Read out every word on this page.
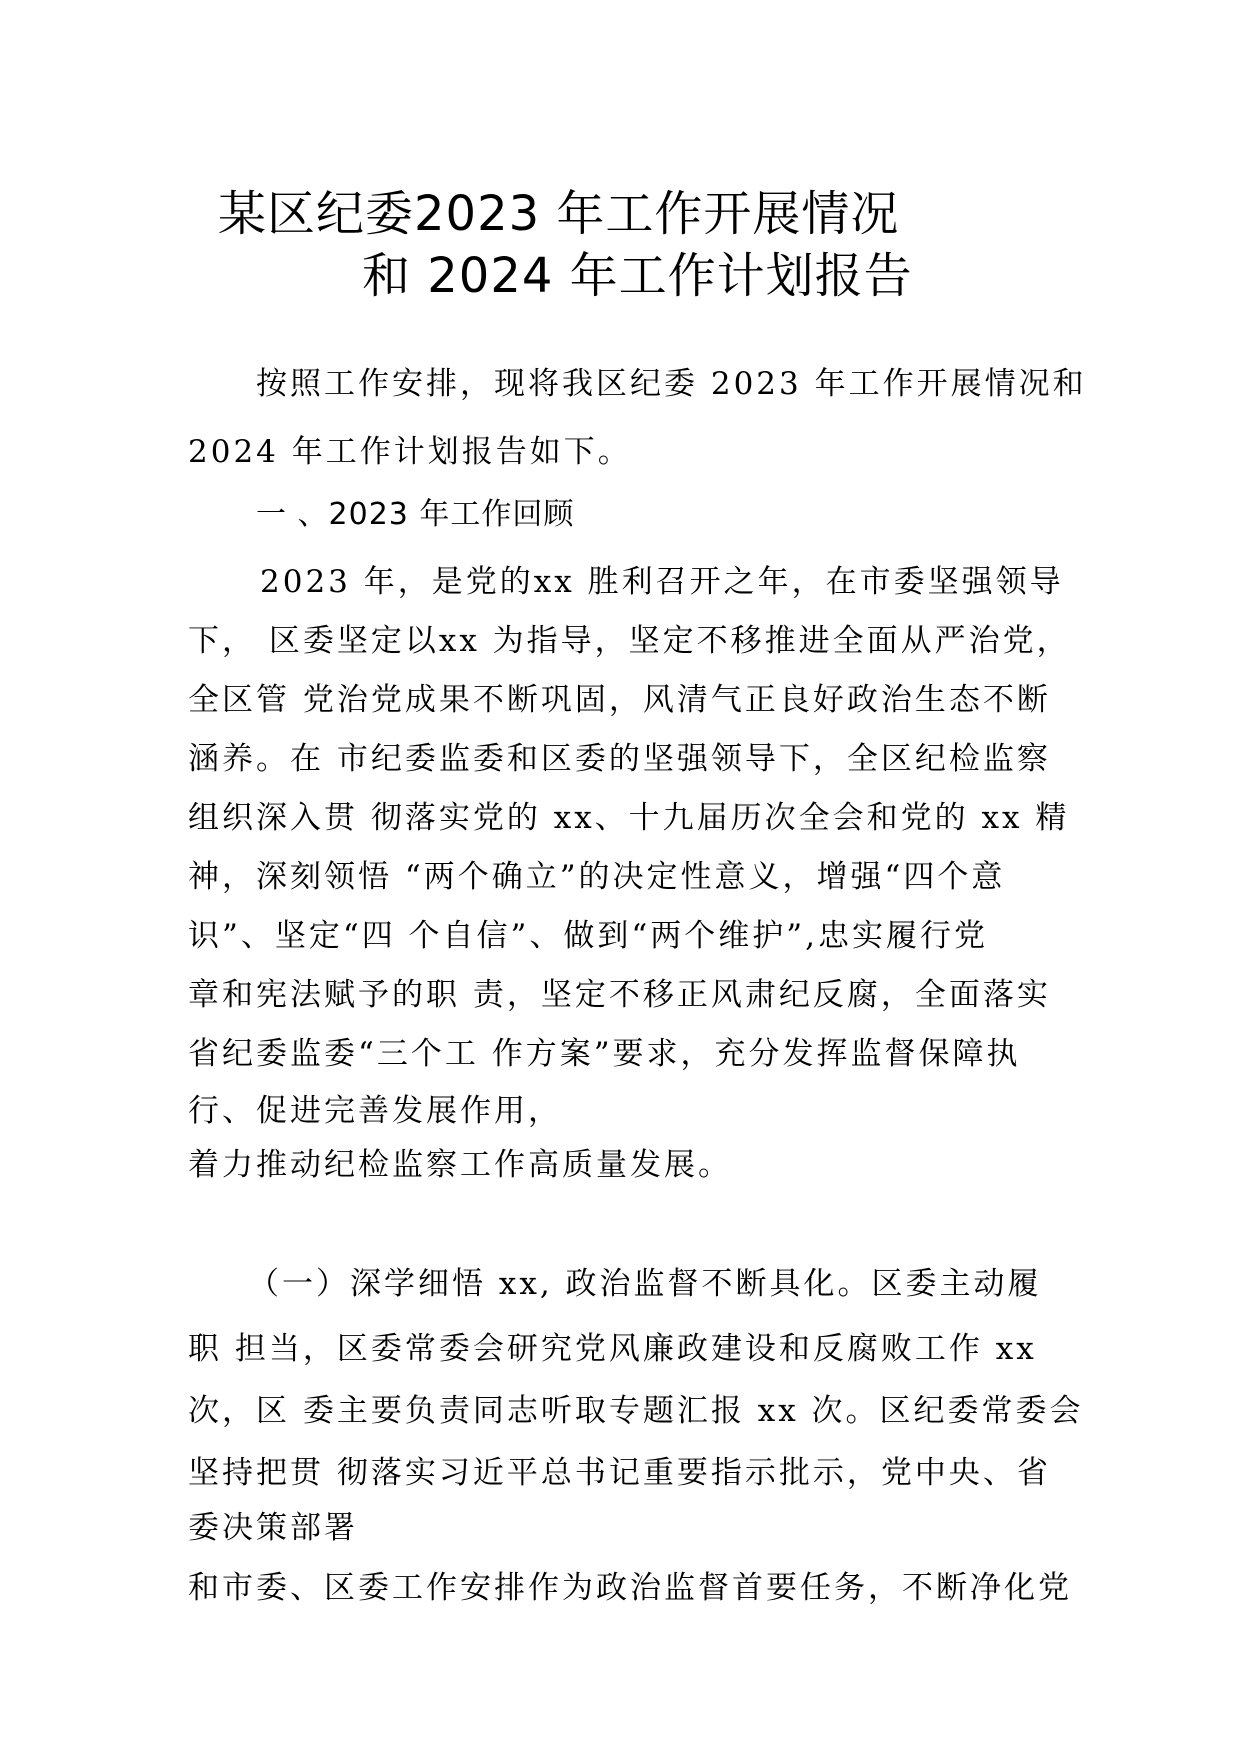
某区纪委2023 年工作开展情况
和 2024 年工作计划报告
按照工作安排，现将我区纪委 2023 年工作开展情况和
2024 年工作计划报告如下。
一 、2023 年工作回顾
2023 年，是党的xx 胜利召开之年，在市委坚强领导
下， 区委坚定以xx 为指导，坚定不移推进全面从严治党，
全区管 党治党成果不断巩固，风清气正良好政治生态不断
涵养。在 市纪委监委和区委的坚强领导下，全区纪检监察
组织深入贯 彻落实党的 xx、十九届历次全会和党的 xx 精
神，深刻领悟 “两个确立”的决定性意义，增强“四个意
识”、坚定“四 个自信”、做到“两个维护”,忠实履行党
章和宪法赋予的职 责，坚定不移正风肃纪反腐，全面落实
省纪委监委“三个工 作方案”要求，充分发挥监督保障执
行、促进完善发展作用，
着力推动纪检监察工作高质量发展。
（一）深学细悟 xx, 政治监督不断具化。区委主动履
职 担当，区委常委会研究党风廉政建设和反腐败工作 xx
次，区 委主要负责同志听取专题汇报 xx 次。区纪委常委会
坚持把贯 彻落实习近平总书记重要指示批示，党中央、省
委决策部署
和市委、区委工作安排作为政治监督首要任务，不断净化党
